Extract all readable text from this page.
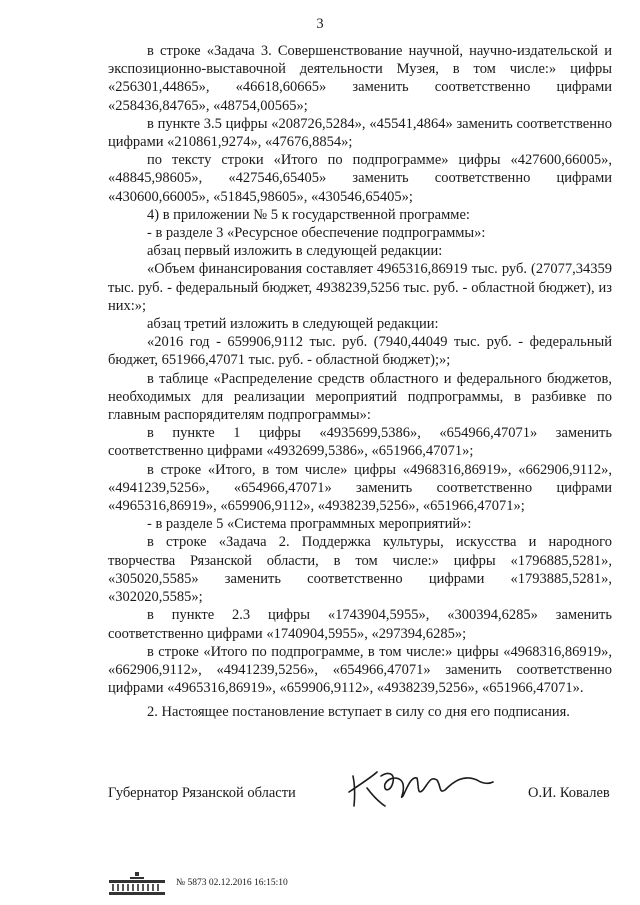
3

в строке «Задача 3. Совершенствование научной, научно-издательской и экспозиционно-выставочной деятельности Музея, в том числе:» цифры «256301,44865», «46618,60665» заменить соответственно цифрами «258436,84765», «48754,00565»;

в пункте 3.5 цифры «208726,5284», «45541,4864» заменить соответственно цифрами «210861,9274», «47676,8854»;

по тексту строки «Итого по подпрограмме» цифры «427600,66005», «48845,98605», «427546,65405» заменить соответственно цифрами «430600,66005», «51845,98605», «430546,65405»;

4) в приложении № 5 к государственной программе:

- в разделе 3 «Ресурсное обеспечение подпрограммы»:

абзац первый изложить в следующей редакции:

«Объем финансирования составляет 4965316,86919 тыс. руб. (27077,34359 тыс. руб. - федеральный бюджет, 4938239,5256 тыс. руб. - областной бюджет), из них:»;

абзац третий изложить в следующей редакции:

«2016 год - 659906,9112 тыс. руб. (7940,44049 тыс. руб. - федеральный бюджет, 651966,47071 тыс. руб. - областной бюджет);»;

в таблице «Распределение средств областного и федерального бюджетов, необходимых для реализации мероприятий подпрограммы, в разбивке по главным распорядителям подпрограммы»:

в пункте 1 цифры «4935699,5386», «654966,47071» заменить соответственно цифрами «4932699,5386», «651966,47071»;

в строке «Итого, в том числе» цифры «4968316,86919», «662906,9112», «4941239,5256», «654966,47071» заменить соответственно цифрами «4965316,86919», «659906,9112», «4938239,5256», «651966,47071»;

- в разделе 5 «Система программных мероприятий»:

в строке «Задача 2. Поддержка культуры, искусства и народного творчества Рязанской области, в том числе:» цифры «1796885,5281», «305020,5585» заменить соответственно цифрами «1793885,5281», «302020,5585»;

в пункте 2.3 цифры «1743904,5955», «300394,6285» заменить соответственно цифрами «1740904,5955», «297394,6285»;

в строке «Итого по подпрограмме, в том числе:» цифры «4968316,86919», «662906,9112», «4941239,5256», «654966,47071» заменить соответственно цифрами «4965316,86919», «659906,9112», «4938239,5256», «651966,47071».

2. Настоящее постановление вступает в силу со дня его подписания.

Губернатор Рязанской области	О.И. Ковалев
№ 5873 02.12.2016 16:15:10
